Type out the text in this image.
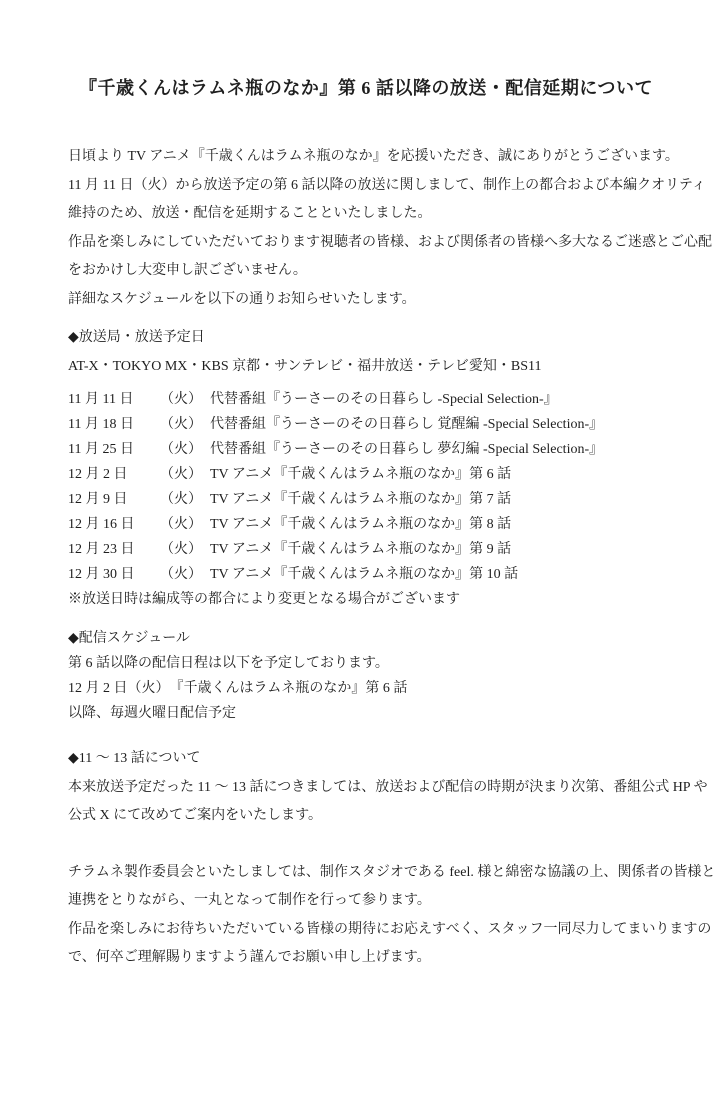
『千歳くんはラムネ瓶のなか』第 6 話以降の放送・配信延期について
日頃より TV アニメ『千歳くんはラムネ瓶のなか』を応援いただき、誠にありがとうございます。
11 月 11 日（火）から放送予定の第 6 話以降の放送に関しまして、制作上の都合および本編クオリティ
維持のため、放送・配信を延期することといたしました。
作品を楽しみにしていただいております視聴者の皆様、および関係者の皆様へ多大なるご迷惑とご心配
をおかけし大変申し訳ございません。
詳細なスケジュールを以下の通りお知らせいたします。
◆放送局・放送予定日
AT-X・TOKYO MX・KBS 京都・サンテレビ・福井放送・テレビ愛知・BS11
11 月 11 日	（火） 代替番組『うーさーのその日暮らし -Special Selection-』
11 月 18 日	（火） 代替番組『うーさーのその日暮らし 覚醒編 -Special Selection-』
11 月 25 日	（火） 代替番組『うーさーのその日暮らし 夢幻編 -Special Selection-』
12 月 2 日	（火） TV アニメ『千歳くんはラムネ瓶のなか』第 6 話
12 月 9 日	（火） TV アニメ『千歳くんはラムネ瓶のなか』第 7 話
12 月 16 日	（火） TV アニメ『千歳くんはラムネ瓶のなか』第 8 話
12 月 23 日	（火） TV アニメ『千歳くんはラムネ瓶のなか』第 9 話
12 月 30 日	（火） TV アニメ『千歳くんはラムネ瓶のなか』第 10 話
※放送日時は編成等の都合により変更となる場合がございます
◆配信スケジュール
第 6 話以降の配信日程は以下を予定しております。
12 月 2 日（火）　『千歳くんはラムネ瓶のなか』第 6 話
以降、毎週火曜日配信予定
◆11 ～ 13 話について
本来放送予定だった 11 ～ 13 話につきましては、放送および配信の時期が決まり次第、番組公式 HP や
公式 X にて改めてご案内をいたします。
チラムネ製作委員会といたしましては、制作スタジオである feel. 様と綿密な協議の上、関係者の皆様と
連携をとりながら、一丸となって制作を行って参ります。
作品を楽しみにお待ちいただいている皆様の期待にお応えすべく、スタッフ一同尽力してまいりますの
で、何卒ご理解賜りますよう謹んでお願い申し上げます。
